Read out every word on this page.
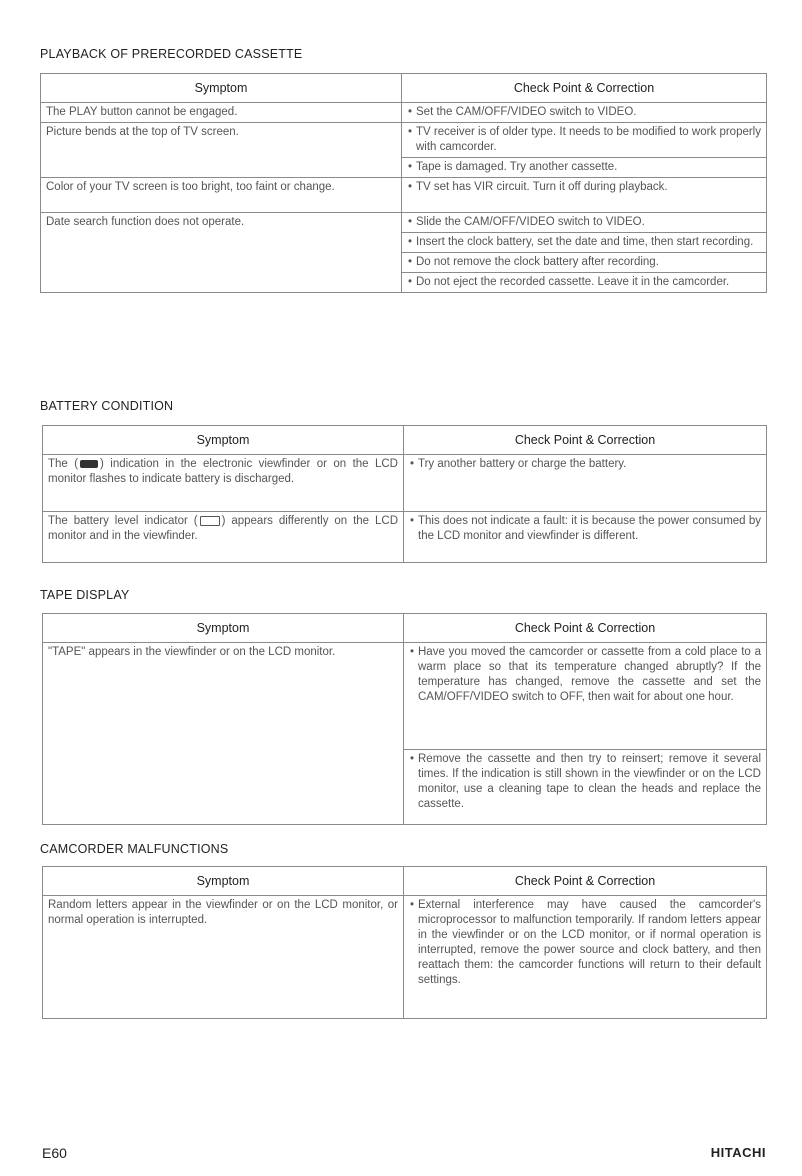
PLAYBACK OF PRERECORDED CASSETTE
Symptom	Check Point & Correction
The PLAY button cannot be engaged.	• Set the CAM/OFF/VIDEO switch to VIDEO.
Picture bends at the top of TV screen.	• TV receiver is of older type. It needs to be modified to work properly with camcorder.
	• Tape is damaged. Try another cassette.
Color of your TV screen is too bright, too faint or change.	• TV set has VIR circuit. Turn it off during playback.
Date search function does not operate.	• Slide the CAM/OFF/VIDEO switch to VIDEO.
	• Insert the clock battery, set the date and time, then start recording.
	• Do not remove the clock battery after recording.
	• Do not eject the recorded cassette. Leave it in the camcorder.
BATTERY CONDITION
Symptom	Check Point & Correction
The ( ) indication in the electronic viewfinder or on the LCD monitor flashes to indicate battery is discharged.	• Try another battery or charge the battery.
The battery level indicator ( ) appears differently on the LCD monitor and in the viewfinder.	• This does not indicate a fault: it is because the power consumed by the LCD monitor and viewfinder is different.
TAPE DISPLAY
Symptom	Check Point & Correction
"TAPE" appears in the viewfinder or on the LCD monitor.	• Have you moved the camcorder or cassette from a cold place to a warm place so that its temperature changed abruptly? If the temperature has changed, remove the cassette and set the CAM/OFF/VIDEO switch to OFF, then wait for about one hour.
	• Remove the cassette and then try to reinsert; remove it several times. If the indication is still shown in the viewfinder or on the LCD monitor, use a cleaning tape to clean the heads and replace the cassette.
CAMCORDER MALFUNCTIONS
Symptom	Check Point & Correction
Random letters appear in the viewfinder or on the LCD monitor, or normal operation is interrupted.	• External interference may have caused the camcorder's microprocessor to malfunction temporarily. If random letters appear in the viewfinder or on the LCD monitor, or if normal operation is interrupted, remove the power source and clock battery, and then reattach them: the camcorder functions will return to their default settings.
E60	HITACHI
